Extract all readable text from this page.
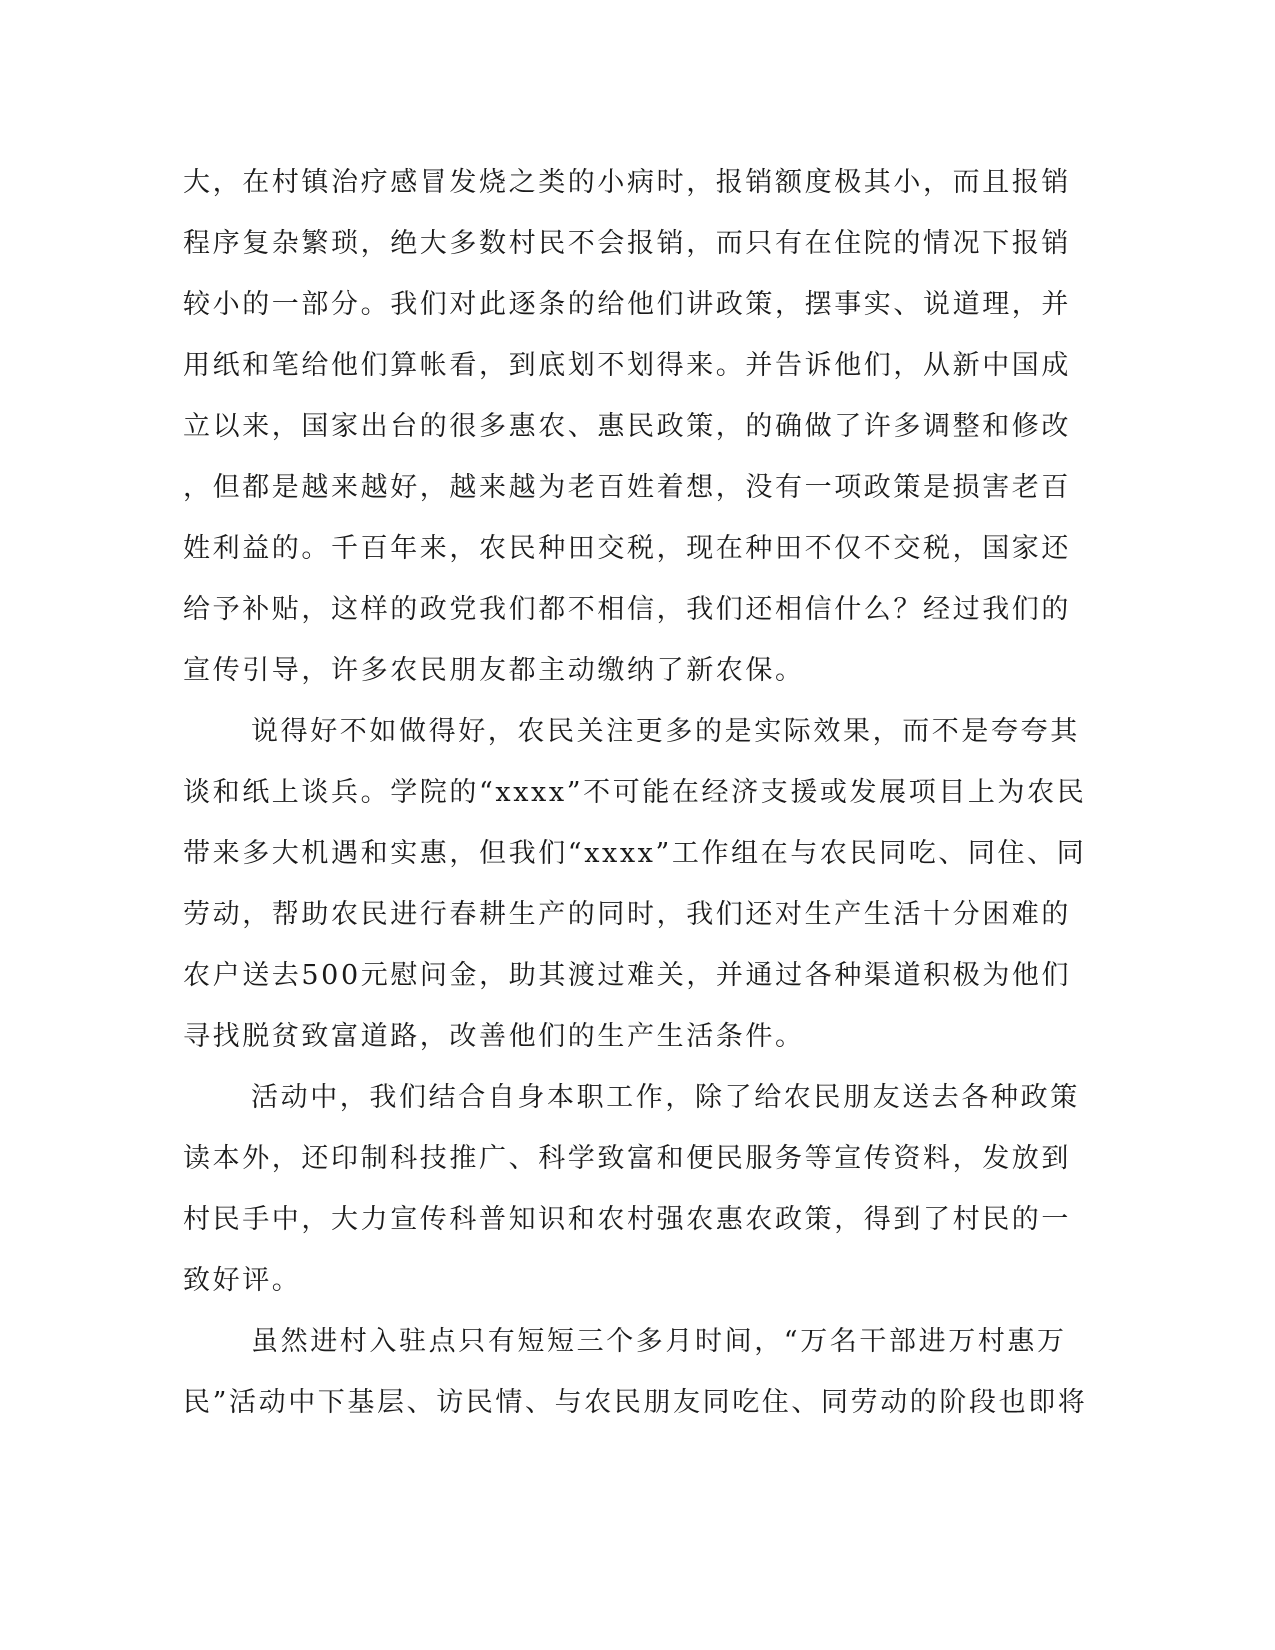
大，在村镇治疗感冒发烧之类的小病时，报销额度极其小，而且报销
程序复杂繁琐，绝大多数村民不会报销，而只有在住院的情况下报销
较小的一部分。我们对此逐条的给他们讲政策，摆事实、说道理，并
用纸和笔给他们算帐看，到底划不划得来。并告诉他们，从新中国成
立以来，国家出台的很多惠农、惠民政策，的确做了许多调整和修改
，但都是越来越好，越来越为老百姓着想，没有一项政策是损害老百
姓利益的。千百年来，农民种田交税，现在种田不仅不交税，国家还
给予补贴，这样的政党我们都不相信，我们还相信什么？经过我们的
宣传引导，许多农民朋友都主动缴纳了新农保。
说得好不如做得好，农民关注更多的是实际效果，而不是夸夸其
谈和纸上谈兵。学院的“xxxx”不可能在经济支援或发展项目上为农民
带来多大机遇和实惠，但我们“xxxx”工作组在与农民同吃、同住、同
劳动，帮助农民进行春耕生产的同时，我们还对生产生活十分困难的
农户送去500元慰问金，助其渡过难关，并通过各种渠道积极为他们
寻找脱贫致富道路，改善他们的生产生活条件。
活动中，我们结合自身本职工作，除了给农民朋友送去各种政策
读本外，还印制科技推广、科学致富和便民服务等宣传资料，发放到
村民手中，大力宣传科普知识和农村强农惠农政策，得到了村民的一
致好评。
虽然进村入驻点只有短短三个多月时间，“万名干部进万村惠万
民”活动中下基层、访民情、与农民朋友同吃住、同劳动的阶段也即将
